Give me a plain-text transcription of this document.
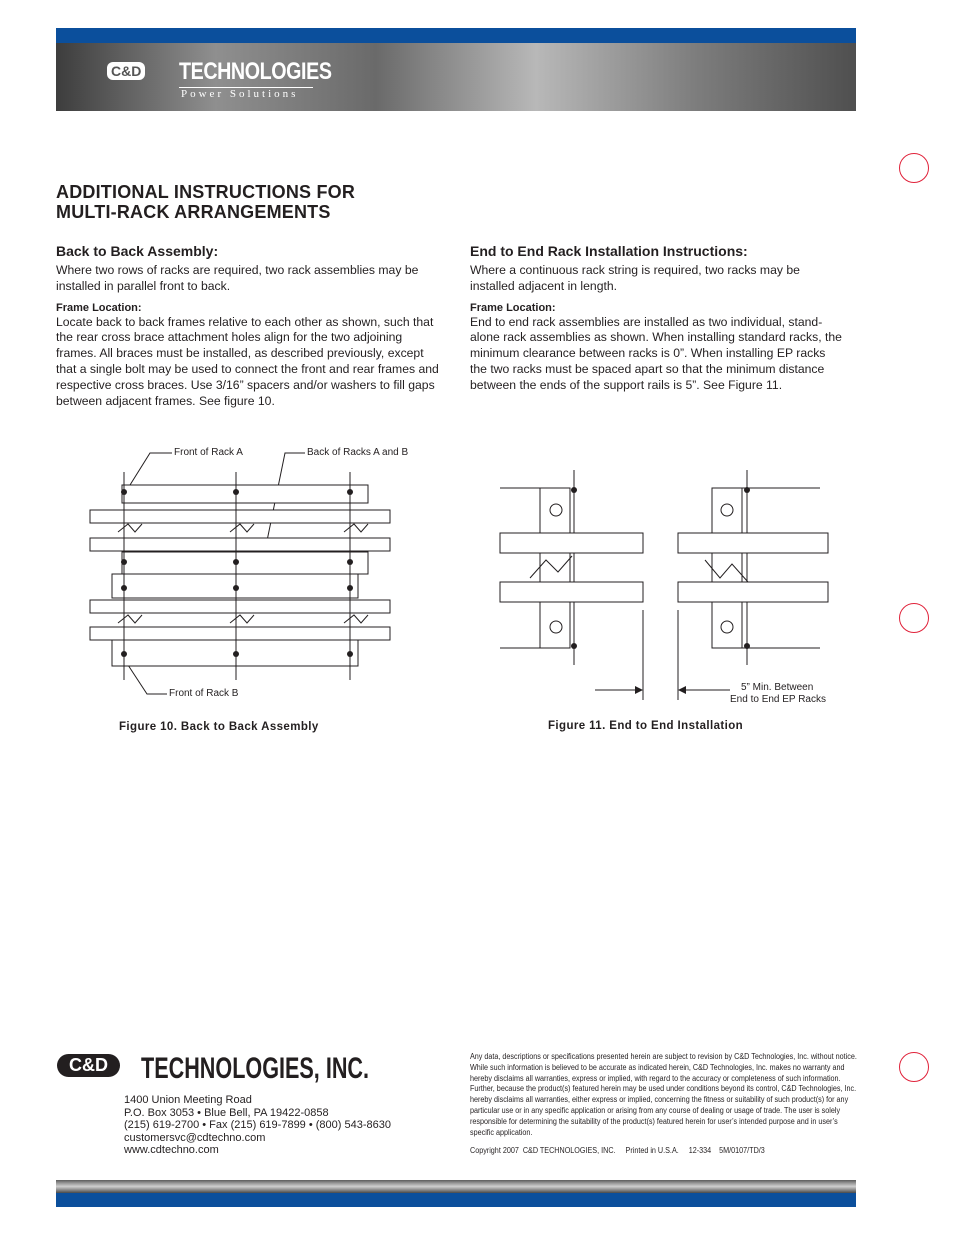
C&D TECHNOLOGIES
Power Solutions
ADDITIONAL INSTRUCTIONS FOR
MULTI-RACK ARRANGEMENTS
Back to Back Assembly:
Where two rows of racks are required, two rack assemblies may be installed in parallel front to back.
Frame Location:
Locate back to back frames relative to each other as shown, such that the rear cross brace attachment holes align for the two adjoining frames. All braces must be installed, as described previously, except that a single bolt may be used to connect the front and rear frames and respective cross braces. Use 3/16” spacers and/or washers to fill gaps between adjacent frames. See figure 10.
End to End Rack Installation Instructions:
Where a continuous rack string is required, two racks may be installed adjacent in length.
Frame Location:
End to end rack assemblies are installed as two individual, stand-alone rack assemblies as shown. When installing standard racks, the minimum clearance between racks is 0”. When installing EP racks the two racks must be spaced apart so that the minimum distance between the ends of the support rails is 5”. See Figure 11.
Front of Rack A	Back of Racks A and B
Front of Rack B
Figure 10. Back to Back Assembly
5” Min. Between
End to End EP Racks
Figure 11. End to End Installation
C&D	TECHNOLOGIES, INC.
1400 Union Meeting Road
P.O. Box 3053 • Blue Bell, PA 19422-0858
(215) 619-2700 • Fax (215) 619-7899 • (800) 543-8630
customersvc@cdtechno.com
www.cdtechno.com
Any data, descriptions or specifications presented herein are subject to revision by C&D Technologies, Inc. without notice. While such information is believed to be accurate as indicated herein, C&D Technologies, Inc. makes no warranty and hereby disclaims all warranties, express or implied, with regard to the accuracy or completeness of such information. Further, because the product(s) featured herein may be used under conditions beyond its control, C&D Technologies, Inc. hereby disclaims all warranties, either express or implied, concerning the fitness or suitability of such product(s) for any particular use or in any specific application or arising from any course of dealing or usage of trade. The user is solely responsible for determining the suitability of the product(s) featured herein for user’s intended purpose and in user’s specific application.
Copyright 2007  C&D TECHNOLOGIES, INC.     Printed in U.S.A.     12-334    5M/0107/TD/3
